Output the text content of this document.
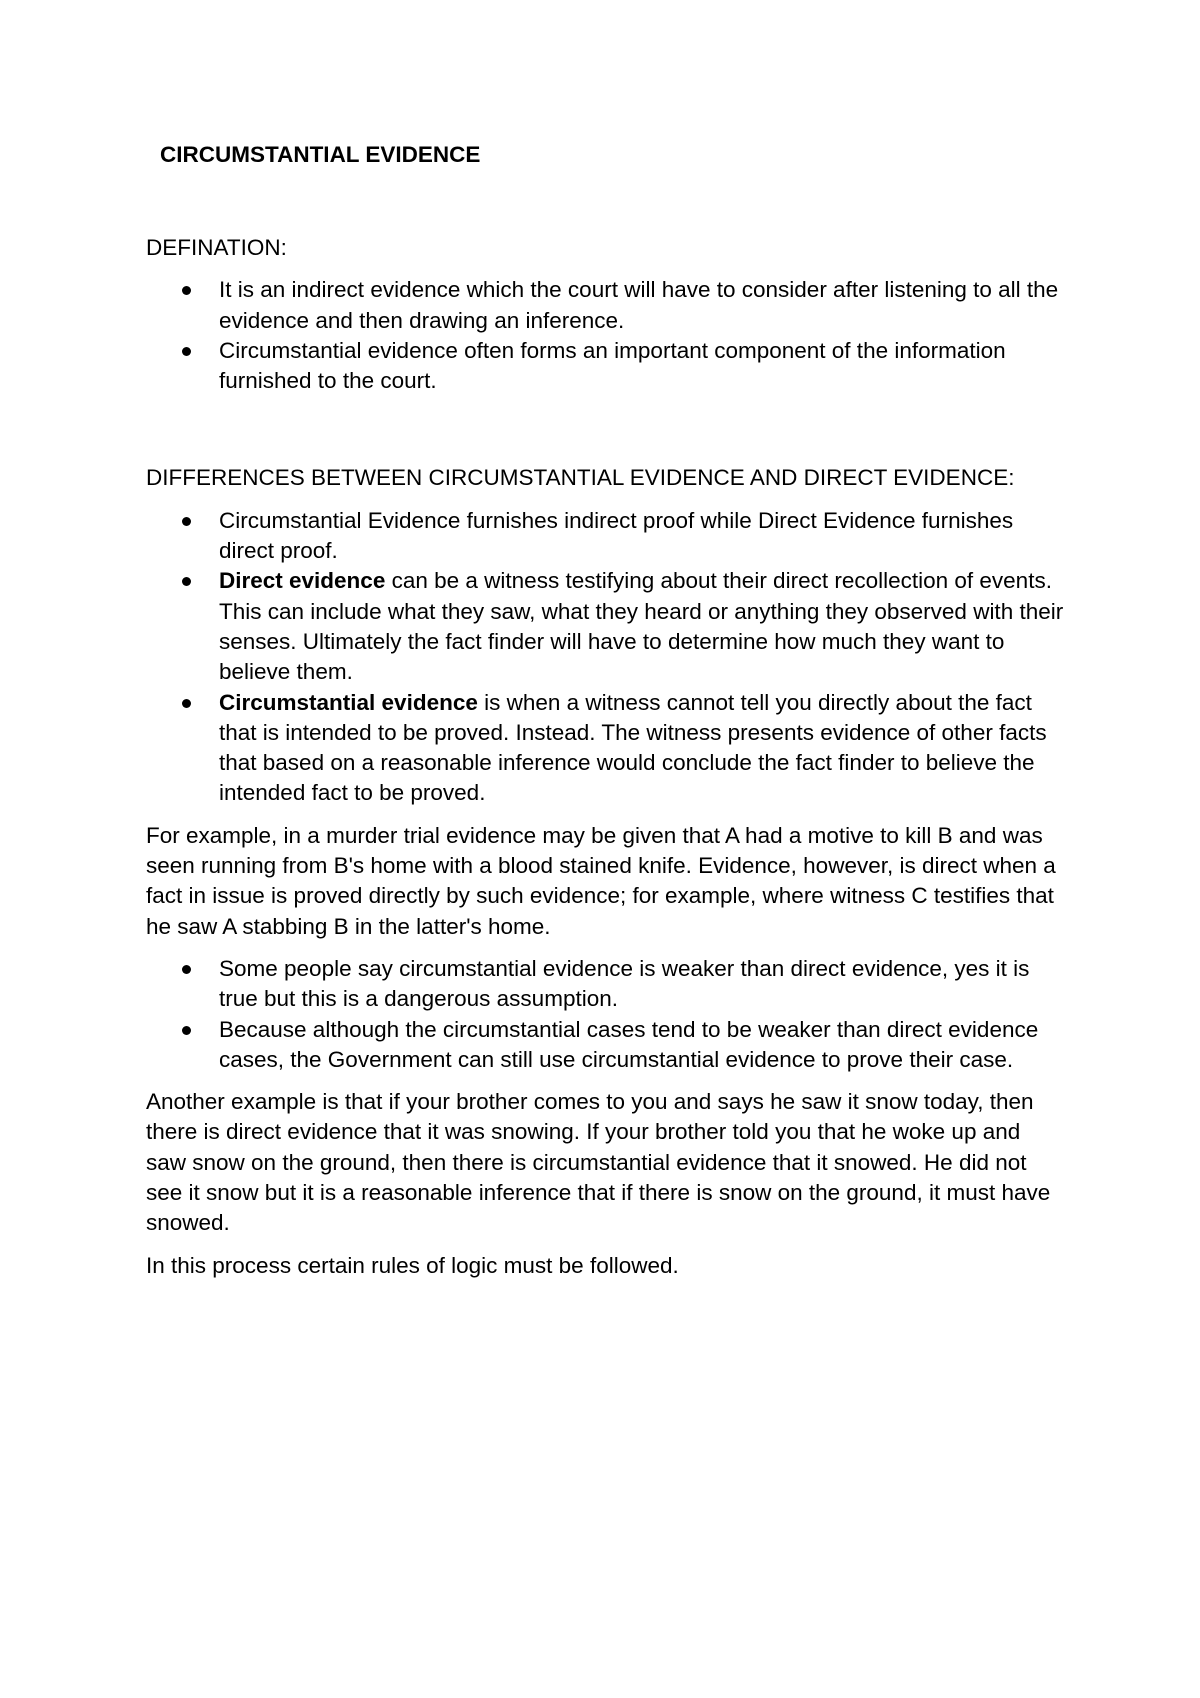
CIRCUMSTANTIAL EVIDENCE

DEFINATION:

It is an indirect evidence which the court will have to consider after listening to all the evidence and then drawing an inference.
Circumstantial evidence often forms an important component of the information furnished to the court.

DIFFERENCES BETWEEN CIRCUMSTANTIAL EVIDENCE AND DIRECT EVIDENCE:

Circumstantial Evidence furnishes indirect proof while Direct Evidence furnishes direct proof.
Direct evidence can be a witness testifying about their direct recollection of events. This can include what they saw, what they heard or anything they observed with their senses. Ultimately the fact finder will have to determine how much they want to believe them.
Circumstantial evidence is when a witness cannot tell you directly about the fact that is intended to be proved. Instead. The witness presents evidence of other facts that based on a reasonable inference would conclude the fact finder to believe the intended fact to be proved.

For example, in a murder trial evidence may be given that A had a motive to kill B and was seen running from B's home with a blood stained knife. Evidence, however, is direct when a fact in issue is proved directly by such evidence; for example, where witness C testifies that he saw A stabbing B in the latter's home.

Some people say circumstantial evidence is weaker than direct evidence, yes it is true but this is a dangerous assumption.
Because although the circumstantial cases tend to be weaker than direct evidence cases, the Government can still use circumstantial evidence to prove their case.

Another example is that if your brother comes to you and says he saw it snow today, then there is direct evidence that it was snowing. If your brother told you that he woke up and saw snow on the ground, then there is circumstantial evidence that it snowed. He did not see it snow but it is a reasonable inference that if there is snow on the ground, it must have snowed.

In this process certain rules of logic must be followed.
